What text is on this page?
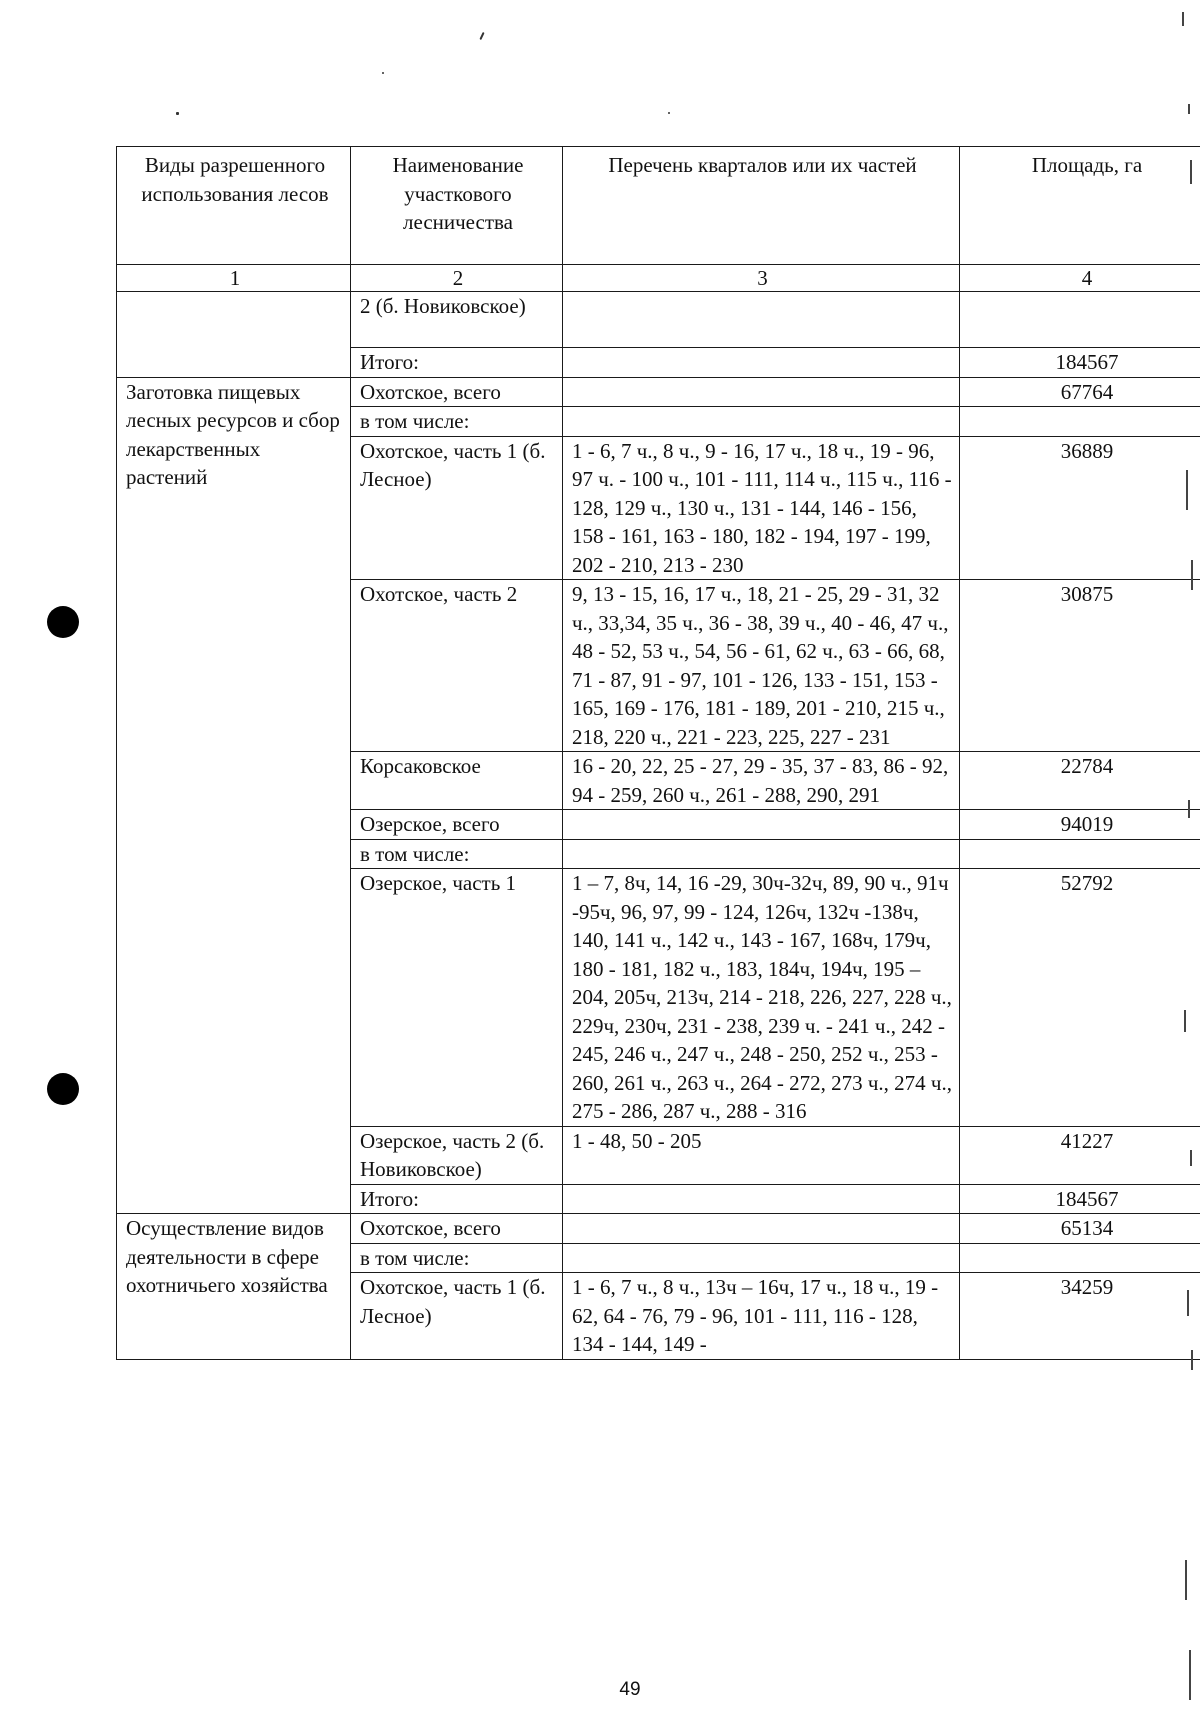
Виды разрешенного использования лесов	Наименование участкового лесничества	Перечень кварталов или их частей	Площадь, га
1	2	3	4
	2 (б. Новиковское)		
	Итого:		184567
Заготовка пищевых лесных ресурсов и сбор лекарственных растений	Охотское, всего		67764
	в том числе:		
	Охотское, часть 1 (б. Лесное)	1 - 6, 7 ч., 8 ч., 9 - 16, 17 ч., 18 ч., 19 - 96, 97 ч. - 100 ч., 101 - 111, 114 ч., 115 ч., 116 - 128, 129 ч., 130 ч., 131 - 144, 146 - 156, 158 - 161, 163 - 180, 182 - 194, 197 - 199, 202 - 210, 213 - 230	36889
	Охотское, часть 2	9, 13 - 15, 16, 17 ч., 18, 21 - 25, 29 - 31, 32 ч., 33,34, 35 ч., 36 - 38, 39 ч., 40 - 46, 47 ч., 48 - 52, 53 ч., 54, 56 - 61, 62 ч., 63 - 66, 68, 71 - 87, 91 - 97, 101 - 126, 133 - 151, 153 - 165, 169 - 176, 181 - 189, 201 - 210, 215 ч., 218, 220 ч., 221 - 223, 225, 227 - 231	30875
	Корсаковское	16 - 20, 22, 25 - 27, 29 - 35, 37 - 83, 86 - 92, 94 - 259, 260 ч., 261 - 288, 290, 291	22784
	Озерское, всего		94019
	в том числе:		
	Озерское, часть 1	1 – 7, 8ч, 14, 16 -29, 30ч-32ч, 89, 90 ч., 91ч -95ч, 96, 97, 99 - 124, 126ч, 132ч -138ч, 140, 141 ч., 142 ч., 143 - 167, 168ч, 179ч, 180 - 181, 182 ч., 183, 184ч, 194ч, 195 – 204, 205ч, 213ч, 214 - 218, 226, 227, 228 ч., 229ч, 230ч, 231 - 238, 239 ч. - 241 ч., 242 - 245, 246 ч., 247 ч., 248 - 250, 252 ч., 253 - 260, 261 ч., 263 ч., 264 - 272, 273 ч., 274 ч., 275 - 286, 287 ч., 288 - 316	52792
	Озерское, часть 2 (б. Новиковское)	1 - 48, 50 - 205	41227
	Итого:		184567
Осуществление видов деятельности в сфере охотничьего хозяйства	Охотское, всего		65134
	в том числе:		
	Охотское, часть 1 (б. Лесное)	1 - 6, 7 ч., 8 ч., 13ч – 16ч, 17 ч., 18 ч., 19 - 62, 64 - 76, 79 - 96, 101 - 111, 116 - 128, 134 - 144, 149 -	34259
49
